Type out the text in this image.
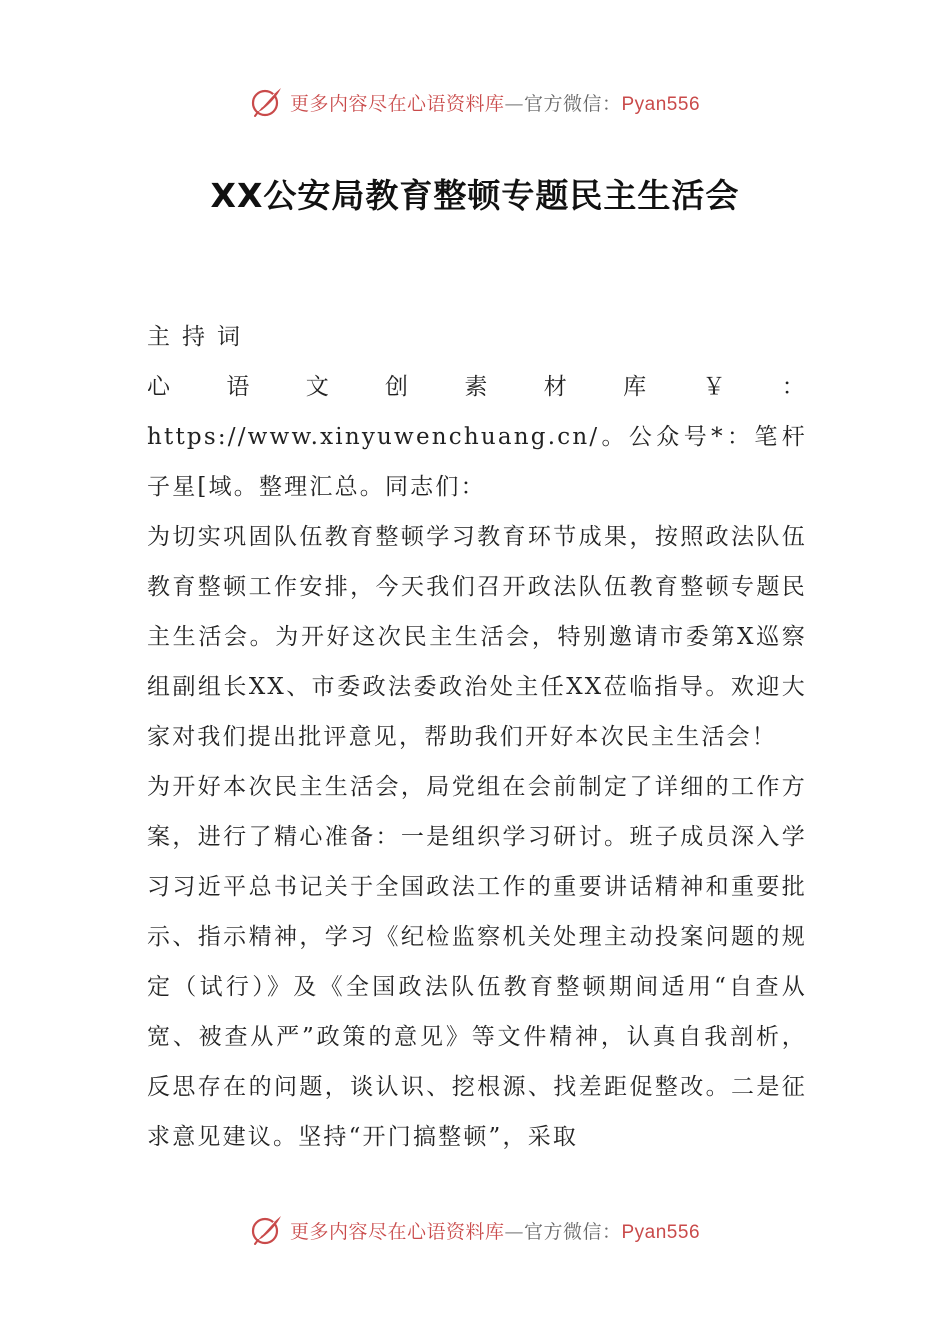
更多内容尽在心语资料库—官方微信：Pyan556
XX公安局教育整顿专题民主生活会

主持词

心语文创素材库￥：https://www.xinyuwenchuang.cn/。公众号*：笔杆子星[域。整理汇总。同志们：

为切实巩固队伍教育整顿学习教育环节成果，按照政法队伍教育整顿工作安排，今天我们召开政法队伍教育整顿专题民主生活会。为开好这次民主生活会，特别邀请市委第X巡察组副组长XX、市委政法委政治处主任XX莅临指导。欢迎大家对我们提出批评意见，帮助我们开好本次民主生活会！

为开好本次民主生活会，局党组在会前制定了详细的工作方案，进行了精心准备：一是组织学习研讨。班子成员深入学习习近平总书记关于全国政法工作的重要讲话精神和重要批示、指示精神，学习《纪检监察机关处理主动投案问题的规定（试行）》及《全国政法队伍教育整顿期间适用“自查从宽、被查从严”政策的意见》等文件精神，认真自我剖析，反思存在的问题，谈认识、挖根源、找差距促整改。二是征求意见建议。坚持“开门搞整顿”，采取

更多内容尽在心语资料库—官方微信：Pyan556
